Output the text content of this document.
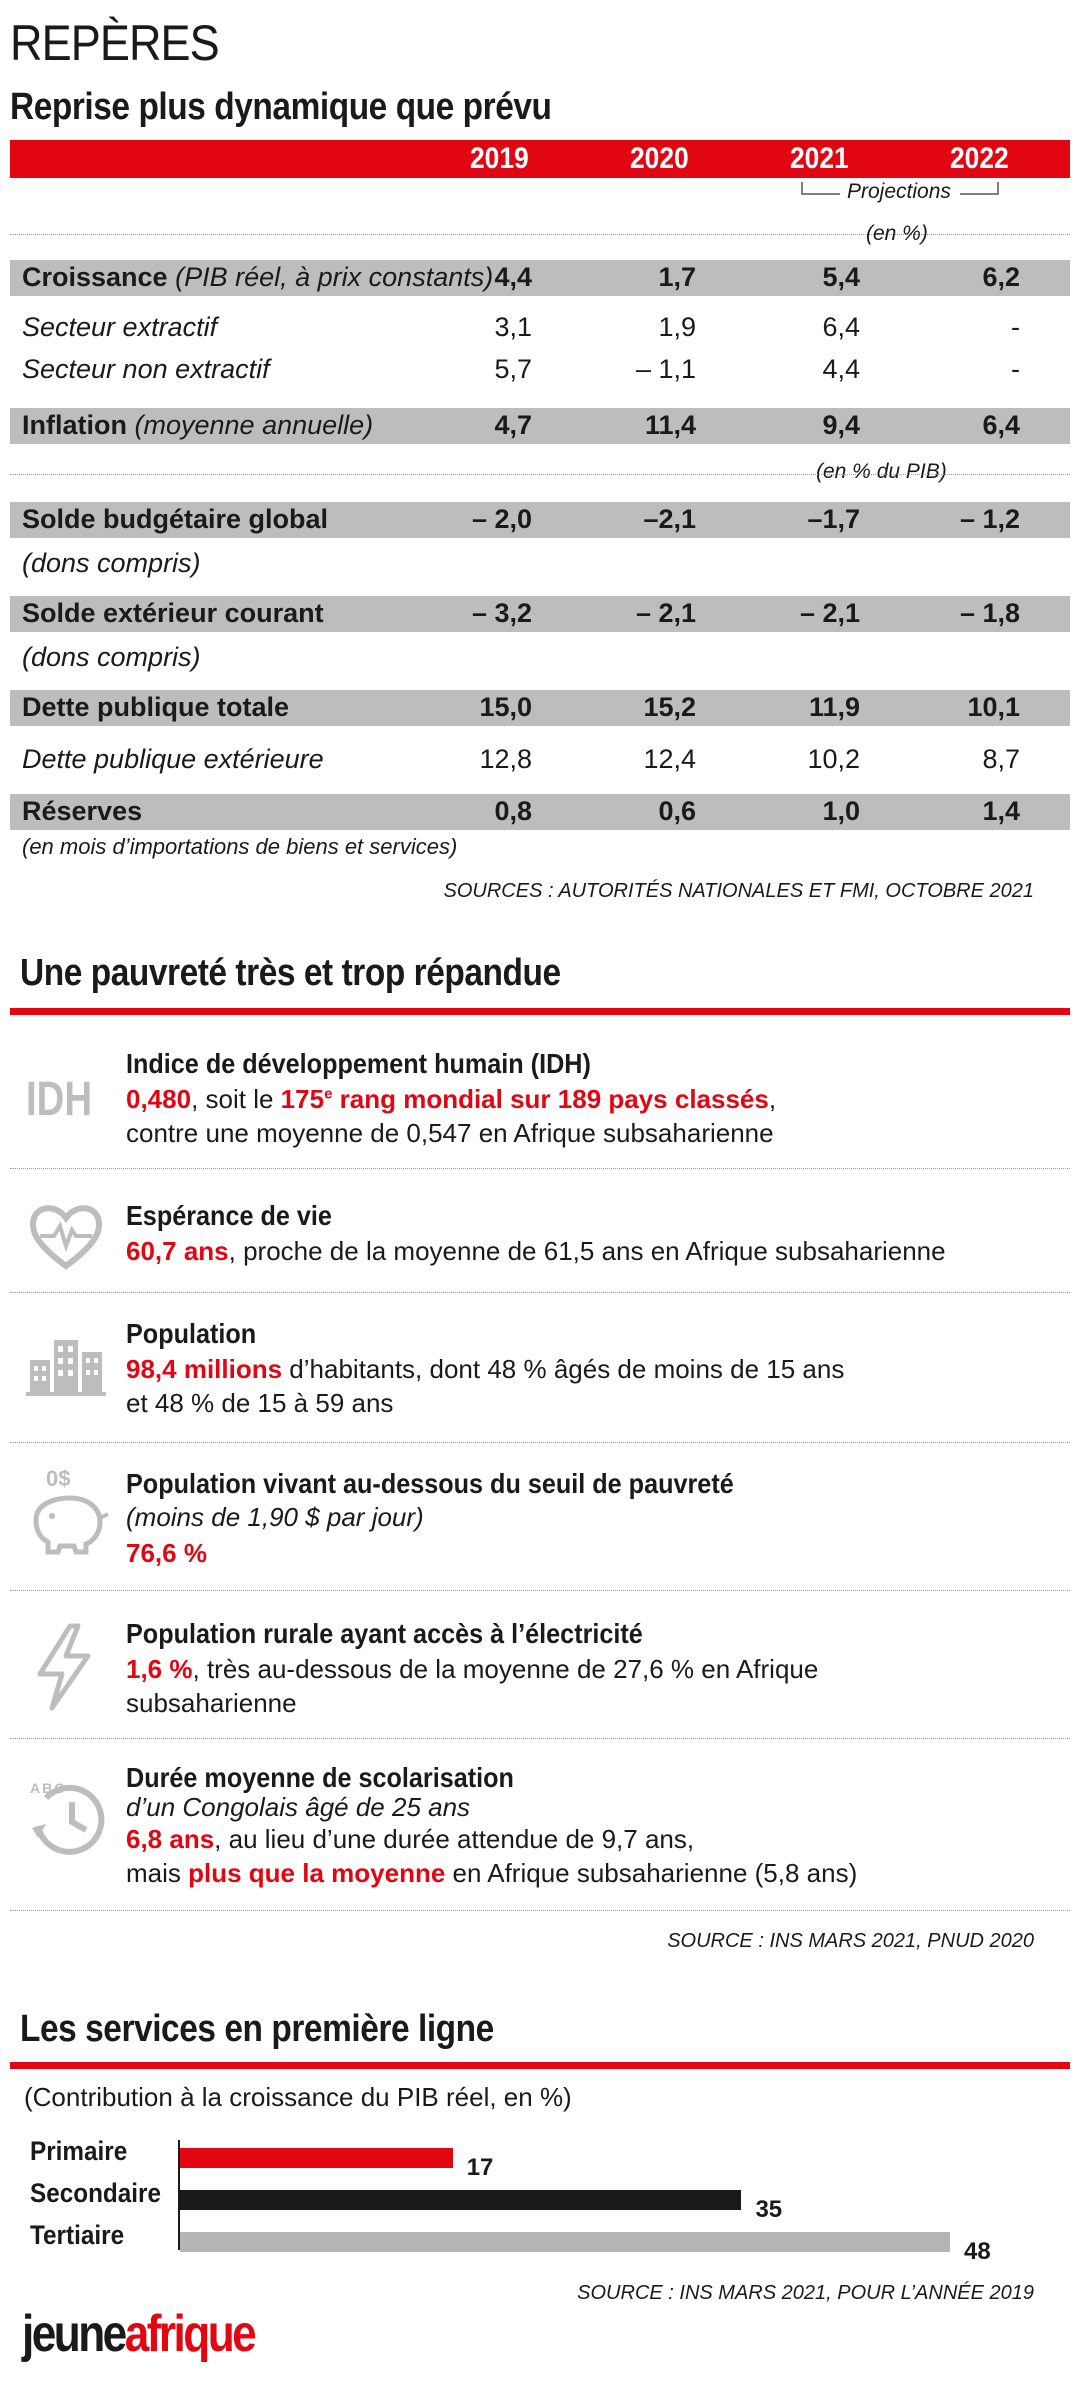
REPÈRES
Reprise plus dynamique que prévu
2019	2020	2021	2022
Projections
(en %)
Croissance (PIB réel, à prix constants) 4,4	1,7	5,4	6,2
Secteur extractif	3,1	1,9	6,4	-
Secteur non extractif	5,7	– 1,1	4,4	-
Inflation (moyenne annuelle)	4,7	11,4	9,4	6,4
(en % du PIB)
Solde budgétaire global	– 2,0	–2,1	–1,7	– 1,2
(dons compris)
Solde extérieur courant	– 3,2	– 2,1	– 2,1	– 1,8
(dons compris)
Dette publique totale	15,0	15,2	11,9	10,1
Dette publique extérieure	12,8	12,4	10,2	8,7
Réserves	0,8	0,6	1,0	1,4
(en mois d’importations de biens et services)
SOURCES : AUTORITÉS NATIONALES ET FMI, OCTOBRE 2021
Une pauvreté très et trop répandue
IDH
Indice de développement humain (IDH)
0,480, soit le 175e rang mondial sur 189 pays classés,
contre une moyenne de 0,547 en Afrique subsaharienne
Espérance de vie
60,7 ans, proche de la moyenne de 61,5 ans en Afrique subsaharienne
Population
98,4 millions d’habitants, dont 48 % âgés de moins de 15 ans
et 48 % de 15 à 59 ans
0$ Population vivant au-dessous du seuil de pauvreté
(moins de 1,90 $ par jour)
76,6 %
Population rurale ayant accès à l’électricité
1,6 %, très au-dessous de la moyenne de 27,6 % en Afrique
subsaharienne
ABC Durée moyenne de scolarisation
d’un Congolais âgé de 25 ans
6,8 ans, au lieu d’une durée attendue de 9,7 ans,
mais plus que la moyenne en Afrique subsaharienne (5,8 ans)
SOURCE : INS MARS 2021, PNUD 2020
Les services en première ligne
(Contribution à la croissance du PIB réel, en %)
Primaire
17
Secondaire
35
Tertiaire
48
SOURCE : INS MARS 2021, POUR L’ANNÉE 2019
jeuneafrique
